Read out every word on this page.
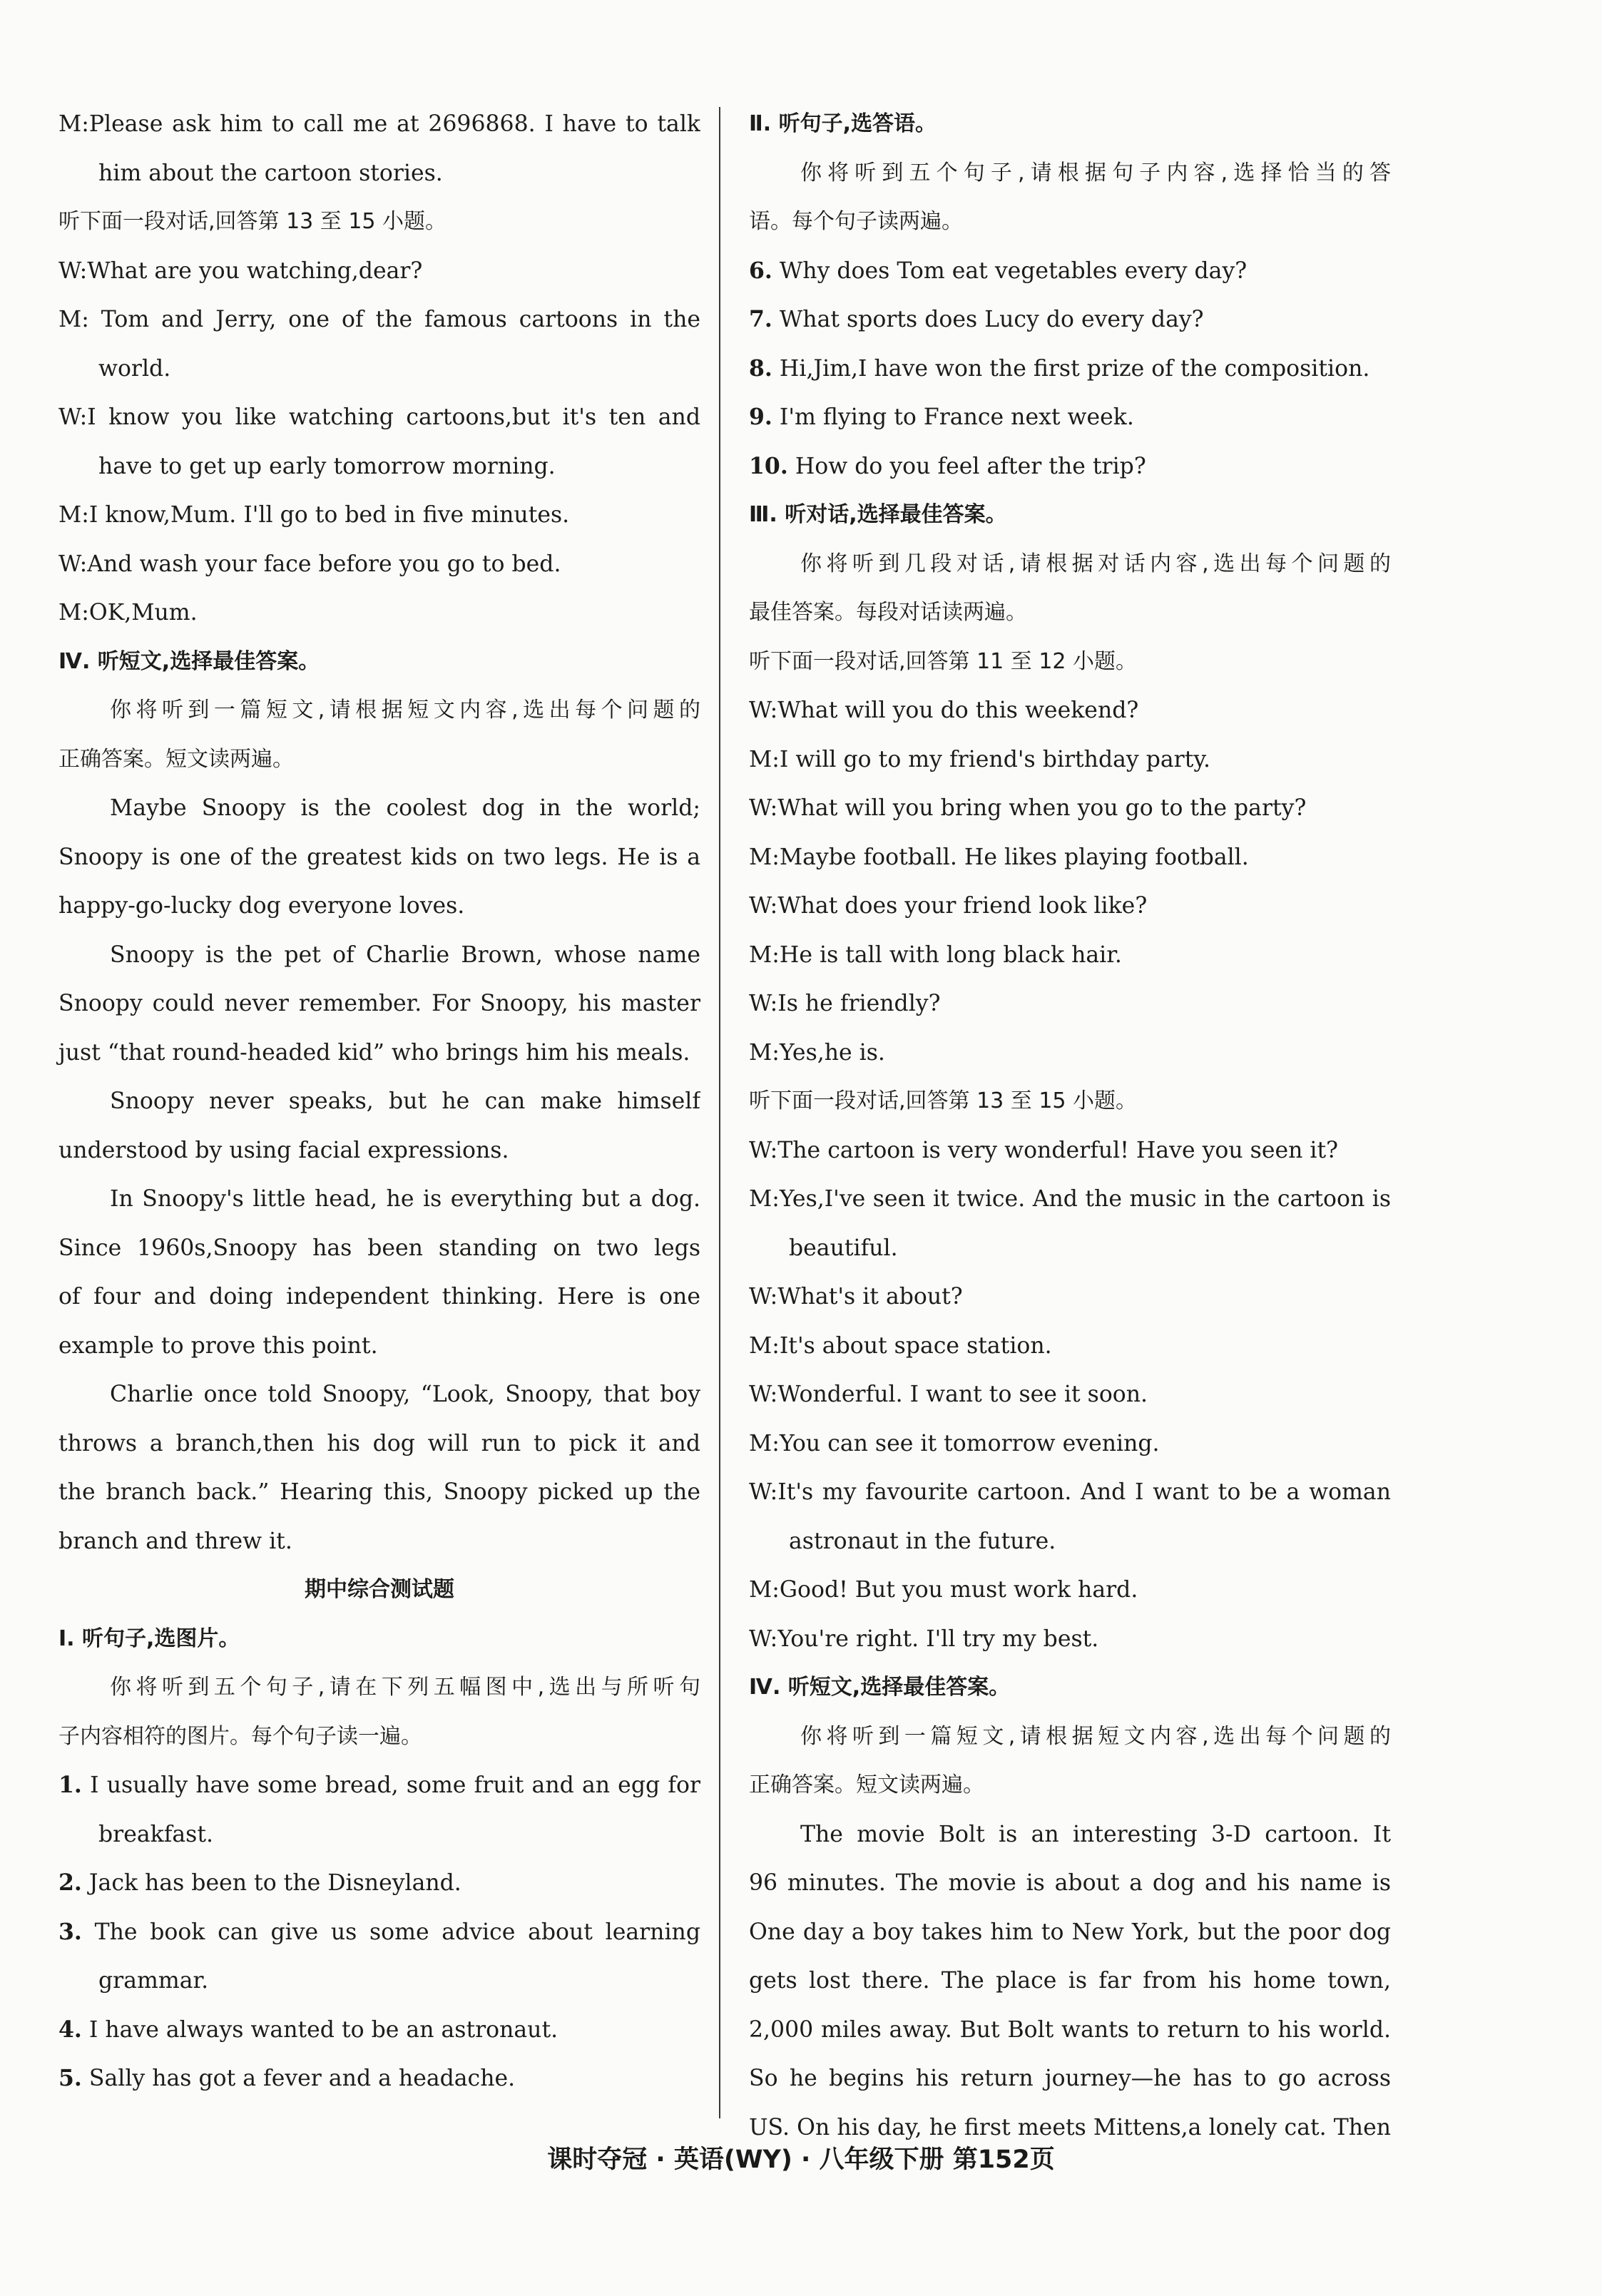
M:Please ask him to call me at 2696868. I have to talk
him about the cartoon stories.
听下面一段对话,回答第 13 至 15 小题。
W:What are you watching,dear?
M: Tom and Jerry, one of the famous cartoons in the
world.
W:I know you like watching cartoons,but it's ten and
have to get up early tomorrow morning.
M:I know,Mum. I'll go to bed in five minutes.
W:And wash your face before you go to bed.
M:OK,Mum.
Ⅳ. 听短文,选择最佳答案。
你将听到一篇短文,请根据短文内容,选出每个问题的
正确答案。短文读两遍。
Maybe Snoopy is the coolest dog in the world;
Snoopy is one of the greatest kids on two legs. He is a
happy-go-lucky dog everyone loves.
Snoopy is the pet of Charlie Brown, whose name
Snoopy could never remember. For Snoopy, his master
just “that round-headed kid” who brings him his meals.
Snoopy never speaks, but he can make himself
understood by using facial expressions.
In Snoopy's little head, he is everything but a dog.
Since 1960s,Snoopy has been standing on two legs
of four and doing independent thinking. Here is one
example to prove this point.
Charlie once told Snoopy, “Look, Snoopy, that boy
throws a branch,then his dog will run to pick it and
the branch back.” Hearing this, Snoopy picked up the
branch and threw it.
期中综合测试题
Ⅰ. 听句子,选图片。
你将听到五个句子,请在下列五幅图中,选出与所听句
子内容相符的图片。每个句子读一遍。
1. I usually have some bread, some fruit and an egg for
breakfast.
2. Jack has been to the Disneyland.
3. The book can give us some advice about learning
grammar.
4. I have always wanted to be an astronaut.
5. Sally has got a fever and a headache.
Ⅱ. 听句子,选答语。
你将听到五个句子,请根据句子内容,选择恰当的答
语。每个句子读两遍。
6. Why does Tom eat vegetables every day?
7. What sports does Lucy do every day?
8. Hi,Jim,I have won the first prize of the composition.
9. I'm flying to France next week.
10. How do you feel after the trip?
Ⅲ. 听对话,选择最佳答案。
你将听到几段对话,请根据对话内容,选出每个问题的
最佳答案。每段对话读两遍。
听下面一段对话,回答第 11 至 12 小题。
W:What will you do this weekend?
M:I will go to my friend's birthday party.
W:What will you bring when you go to the party?
M:Maybe football. He likes playing football.
W:What does your friend look like?
M:He is tall with long black hair.
W:Is he friendly?
M:Yes,he is.
听下面一段对话,回答第 13 至 15 小题。
W:The cartoon is very wonderful! Have you seen it?
M:Yes,I've seen it twice. And the music in the cartoon is
beautiful.
W:What's it about?
M:It's about space station.
W:Wonderful. I want to see it soon.
M:You can see it tomorrow evening.
W:It's my favourite cartoon. And I want to be a woman
astronaut in the future.
M:Good! But you must work hard.
W:You're right. I'll try my best.
Ⅳ. 听短文,选择最佳答案。
你将听到一篇短文,请根据短文内容,选出每个问题的
正确答案。短文读两遍。
The movie Bolt is an interesting 3-D cartoon. It
96 minutes. The movie is about a dog and his name is
One day a boy takes him to New York, but the poor dog
gets lost there. The place is far from his home town,
2,000 miles away. But Bolt wants to return to his world.
So he begins his return journey—he has to go across
US. On his day, he first meets Mittens,a lonely cat. Then
课时夺冠 · 英语(WY) · 八年级下册 第152页
